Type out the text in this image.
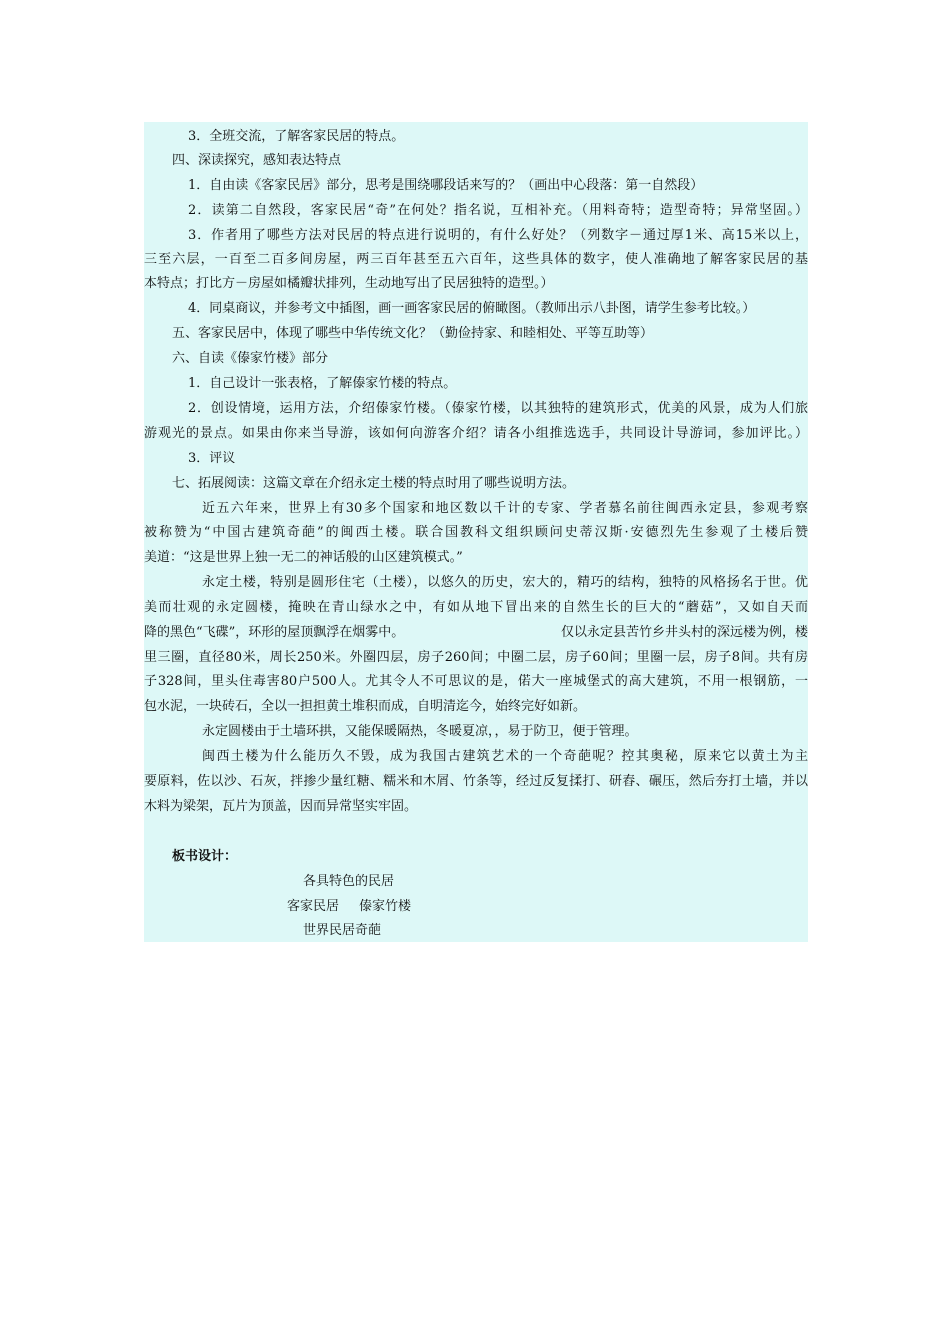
3．全班交流，了解客家民居的特点。
四、深读探究，感知表达特点
1．自由读《客家民居》部分，思考是围绕哪段话来写的？（画出中心段落：第一自然段）
2．读第二自然段，客家民居“奇”在何处？指名说，互相补充。（用料奇特；造型奇特；异常坚固。）
3．作者用了哪些方法对民居的特点进行说明的，有什么好处？（列数字－通过厚1米、高15米以上，
三至六层，一百至二百多间房屋，两三百年甚至五六百年，这些具体的数字，使人准确地了解客家民居的基
本特点；打比方－房屋如橘瓣状排列，生动地写出了民居独特的造型。）
4．同桌商议，并参考文中插图，画一画客家民居的俯瞰图。（教师出示八卦图，请学生参考比较。）
五、客家民居中，体现了哪些中华传统文化？（勤俭持家、和睦相处、平等互助等）
六、自读《傣家竹楼》部分
1．自己设计一张表格，了解傣家竹楼的特点。
2．创设情境，运用方法，介绍傣家竹楼。（傣家竹楼，以其独特的建筑形式，优美的风景，成为人们旅
游观光的景点。如果由你来当导游，该如何向游客介绍？请各小组推选选手，共同设计导游词，参加评比。）
3．评议
七、拓展阅读：这篇文章在介绍永定土楼的特点时用了哪些说明方法。
近五六年来，世界上有30多个国家和地区数以千计的专家、学者慕名前往闽西永定县，参观考察
被称赞为“中国古建筑奇葩”的闽西土楼。联合国教科文组织顾问史蒂汉斯·安德烈先生参观了土楼后赞
美道：“这是世界上独一无二的神话般的山区建筑模式。”
永定土楼，特别是圆形住宅（土楼），以悠久的历史，宏大的，精巧的结构，独特的风格扬名于世。优
美而壮观的永定圆楼，掩映在青山绿水之中，有如从地下冒出来的自然生长的巨大的“蘑菇”，又如自天而
降的黑色“飞碟”，环形的屋顶飘浮在烟雾中。	仅以永定县苦竹乡井头村的深远楼为例，楼
里三圈，直径80米，周长250米。外圈四层，房子260间；中圈二层，房子60间；里圈一层，房子8间。共有房
子328间，里头住毒害80户500人。尤其令人不可思议的是，偌大一座城堡式的高大建筑，不用一根钢筋，一
包水泥，一块砖石，全以一担担黄土堆积而成，自明清迄今，始终完好如新。
永定圆楼由于土墙环拱，又能保暖隔热，冬暖夏凉，，易于防卫，便于管理。
闽西土楼为什么能历久不毁，成为我国古建筑艺术的一个奇葩呢？控其奥秘，原来它以黄土为主
要原料，佐以沙、石灰，拌掺少量红糖、糯米和木屑、竹条等，经过反复揉打、研舂、碾压，然后夯打土墙，并以
木料为梁架，瓦片为顶盖，因而异常坚实牢固。
板书设计：
各具特色的民居
客家民居	傣家竹楼
世界民居奇葩
